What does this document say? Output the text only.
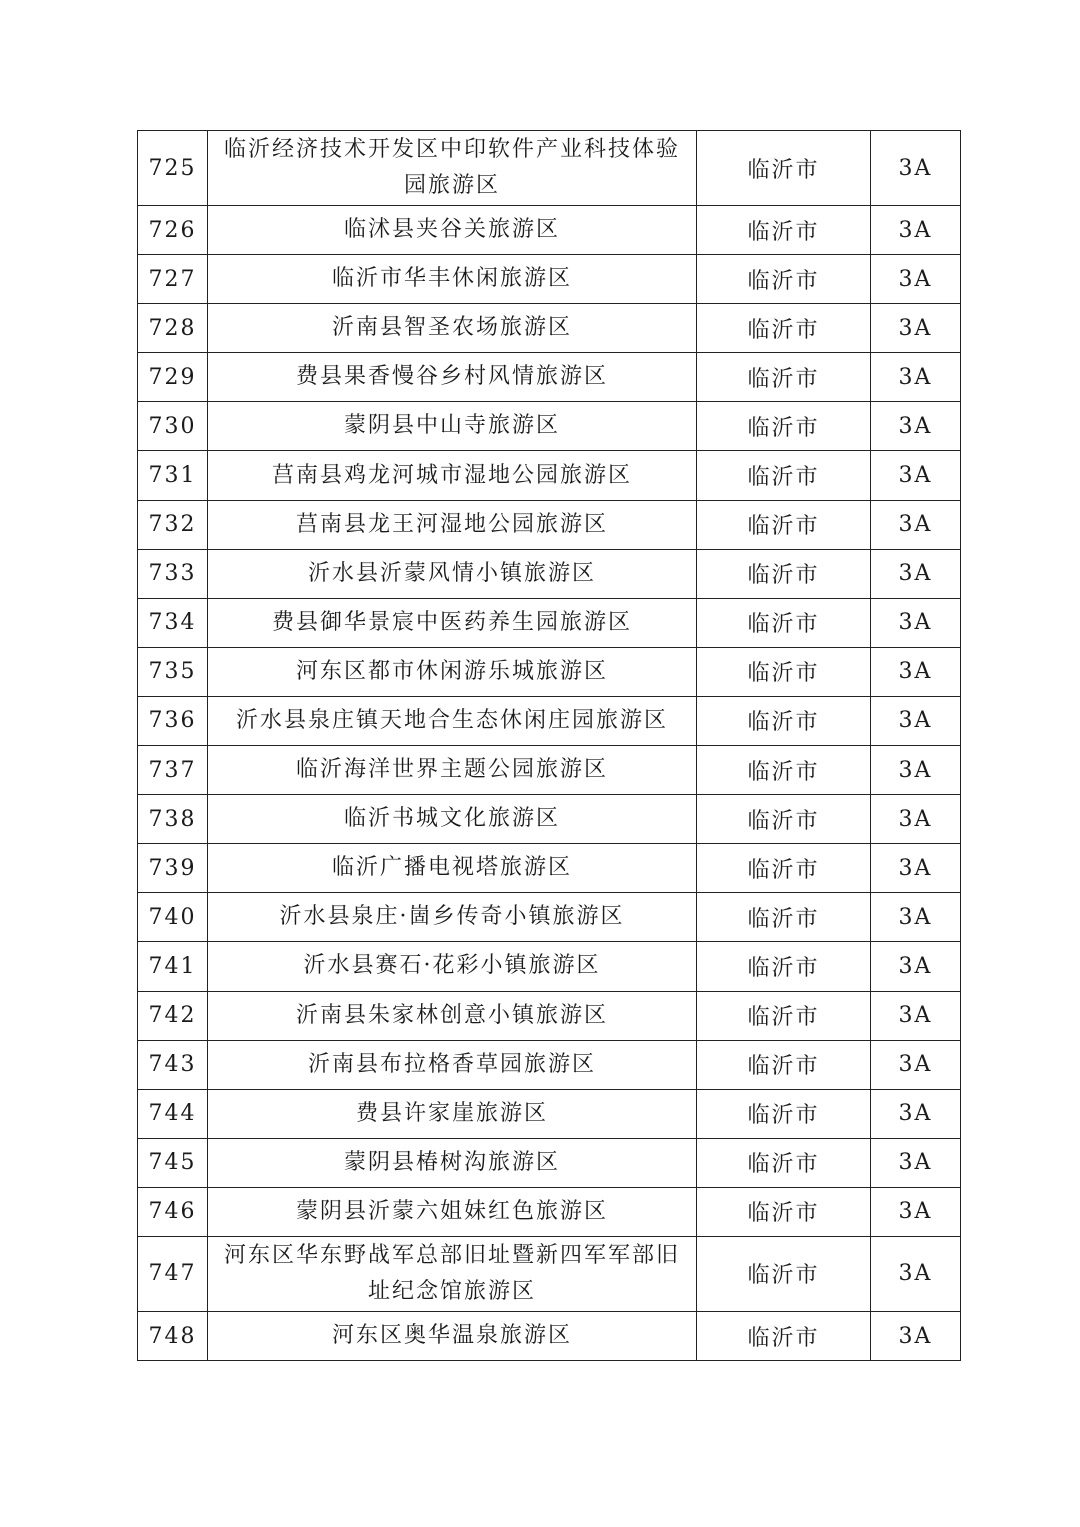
725	临沂经济技术开发区中印软件产业科技体验园旅游区	临沂市	3A
726	临沭县夹谷关旅游区	临沂市	3A
727	临沂市华丰休闲旅游区	临沂市	3A
728	沂南县智圣农场旅游区	临沂市	3A
729	费县果香慢谷乡村风情旅游区	临沂市	3A
730	蒙阴县中山寺旅游区	临沂市	3A
731	莒南县鸡龙河城市湿地公园旅游区	临沂市	3A
732	莒南县龙王河湿地公园旅游区	临沂市	3A
733	沂水县沂蒙风情小镇旅游区	临沂市	3A
734	费县御华景宸中医药养生园旅游区	临沂市	3A
735	河东区都市休闲游乐城旅游区	临沂市	3A
736	沂水县泉庄镇天地合生态休闲庄园旅游区	临沂市	3A
737	临沂海洋世界主题公园旅游区	临沂市	3A
738	临沂书城文化旅游区	临沂市	3A
739	临沂广播电视塔旅游区	临沂市	3A
740	沂水县泉庄·崮乡传奇小镇旅游区	临沂市	3A
741	沂水县赛石·花彩小镇旅游区	临沂市	3A
742	沂南县朱家林创意小镇旅游区	临沂市	3A
743	沂南县布拉格香草园旅游区	临沂市	3A
744	费县许家崖旅游区	临沂市	3A
745	蒙阴县椿树沟旅游区	临沂市	3A
746	蒙阴县沂蒙六姐妹红色旅游区	临沂市	3A
747	河东区华东野战军总部旧址暨新四军军部旧址纪念馆旅游区	临沂市	3A
748	河东区奥华温泉旅游区	临沂市	3A
